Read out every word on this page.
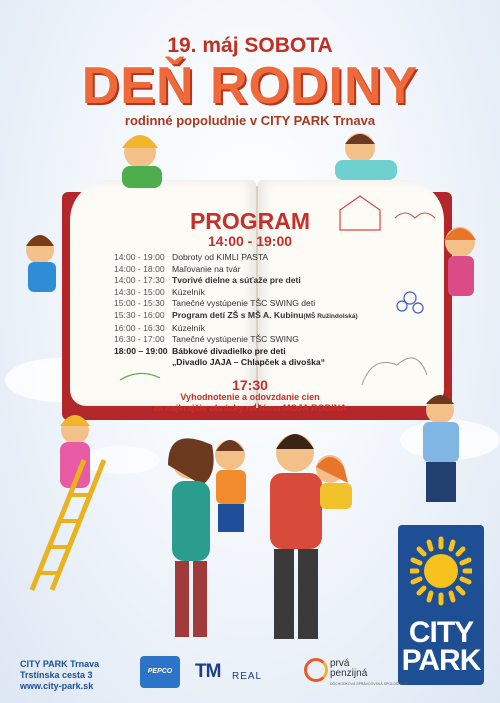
19. máj SOBOTA
DEŇ RODINY
rodinné popoludnie v CITY PARK Trnava
PROGRAM
14:00 - 19:00
14:00 - 19:00 Dobroty od KIMLI PASTA
14:00 - 18:00 Maľovanie na tvár
14:00 - 17:30 Tvorivé dielne a súťaže pre deti
14:30 - 15:00 Kúzelník
15:00 - 15:30 Tanečné vystúpenie TŠC SWING deti
15:30 - 16:00 Program detí ZŠ s MŠ A. Kubinu(MŠ Ružindolská)
16:00 - 16:30 Kúzelník
16:30 - 17:00 Tanečné vystúpenie TŠC SWING
18:00 – 19:00 Bábkové divadielko pre deti
„Divadlo JAJA – Chlapček a divoška“
17:30
Vyhodnotenie a odovzdanie cien
za najkrajšie obrázky na tému MOJA RODINA
CITY
PARK
CITY PARK Trnava
Trstínska cesta 3
www.city-park.sk
PEPCO	TM REAL
prvá
penzijná
DÔCHODKOVÁ SPRÁVCOVSKÁ SPOLOČNOSŤ
